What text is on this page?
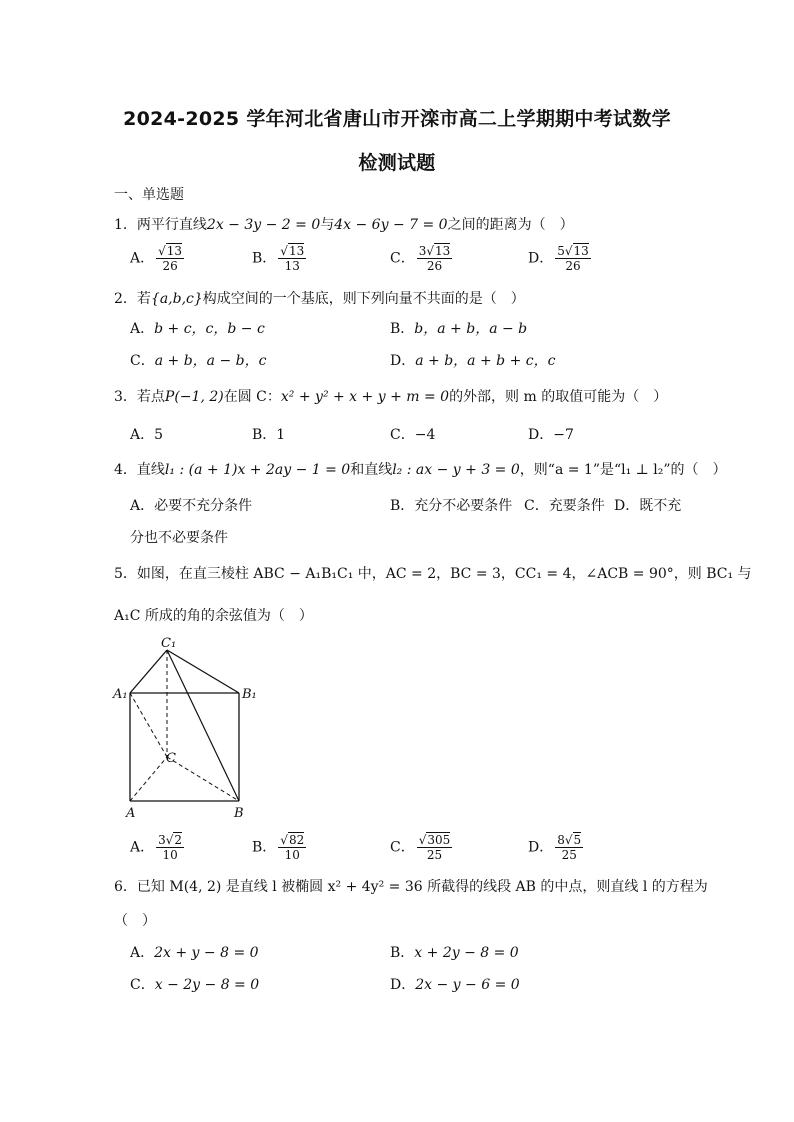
2024-2025 学年河北省唐山市开滦市高二上学期期中考试数学
检测试题
一、单选题
1．两平行直线2x − 3y − 2 = 0与4x − 6y − 7 = 0之间的距离为（　）
A． $\frac{√13}{26}$	B． $\frac{√13}{13}$	C． $\frac{3√13}{26}$	D． $\frac{5√13}{26}$
2．若{a,b,c}构成空间的一个基底，则下列向量不共面的是（　）
A．b + c，c，b − c	B．b，a + b，a − b
C．a + b，a − b，c	D．a + b，a + b + c，c
3．若点P(−1, 2)在圆 C：x² + y² + x + y + m = 0的外部，则 m 的取值可能为（　）
A．5	B．1	C．−4	D．−7
4．直线l₁ : (a + 1)x + 2ay − 1 = 0和直线l₂ : ax − y + 3 = 0，则“a = 1”是“l₁ ⊥ l₂”的（　）
A．必要不充分条件	B．充分不必要条件 C．充要条件 D．既不充
分也不必要条件
5．如图，在直三棱柱 ABC − A₁B₁C₁ 中，AC = 2，BC = 3，CC₁ = 4，∠ACB = 90°，则 BC₁ 与
A₁C 所成的角的余弦值为（　）
C₁
A₁	B₁
C
A	B
A． $\frac{3√2}{10}$	B． $\frac{√82}{10}$	C． $\frac{√305}{25}$	D． $\frac{8√5}{25}$
6．已知 M(4, 2) 是直线 l 被椭圆 x² + 4y² = 36 所截得的线段 AB 的中点，则直线 l 的方程为
（　）
A．2x + y − 8 = 0	B．x + 2y − 8 = 0
C．x − 2y − 8 = 0	D．2x − y − 6 = 0
